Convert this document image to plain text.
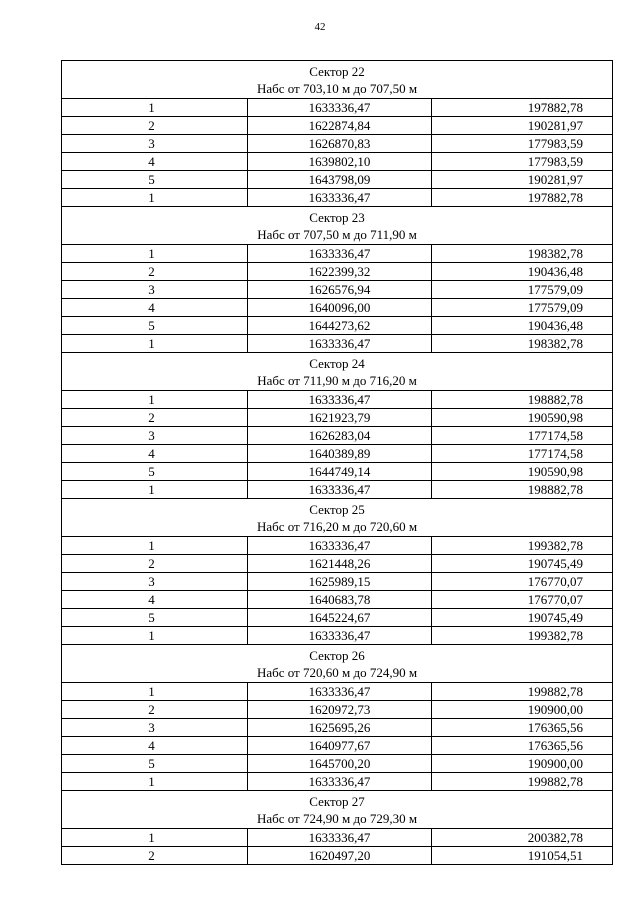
42
Сектор 22
Набс от 703,10 м до 707,50 м		

1	1633336,47	197882,78
2	1622874,84	190281,97
3	1626870,83	177983,59
4	1639802,10	177983,59
5	1643798,09	190281,97
1	1633336,47	197882,78

Сектор 23
Набс от 707,50 м до 711,90 м		

1	1633336,47	198382,78
2	1622399,32	190436,48
3	1626576,94	177579,09
4	1640096,00	177579,09
5	1644273,62	190436,48
1	1633336,47	198382,78

Сектор 24
Набс от 711,90 м до 716,20 м		

1	1633336,47	198882,78
2	1621923,79	190590,98
3	1626283,04	177174,58
4	1640389,89	177174,58
5	1644749,14	190590,98
1	1633336,47	198882,78

Сектор 25
Набс от 716,20 м до 720,60 м		

1	1633336,47	199382,78
2	1621448,26	190745,49
3	1625989,15	176770,07
4	1640683,78	176770,07
5	1645224,67	190745,49
1	1633336,47	199382,78

Сектор 26
Набс от 720,60 м до 724,90 м		

1	1633336,47	199882,78
2	1620972,73	190900,00
3	1625695,26	176365,56
4	1640977,67	176365,56
5	1645700,20	190900,00
1	1633336,47	199882,78

Сектор 27
Набс от 724,90 м до 729,30 м		

1	1633336,47	200382,78
2	1620497,20	191054,51
